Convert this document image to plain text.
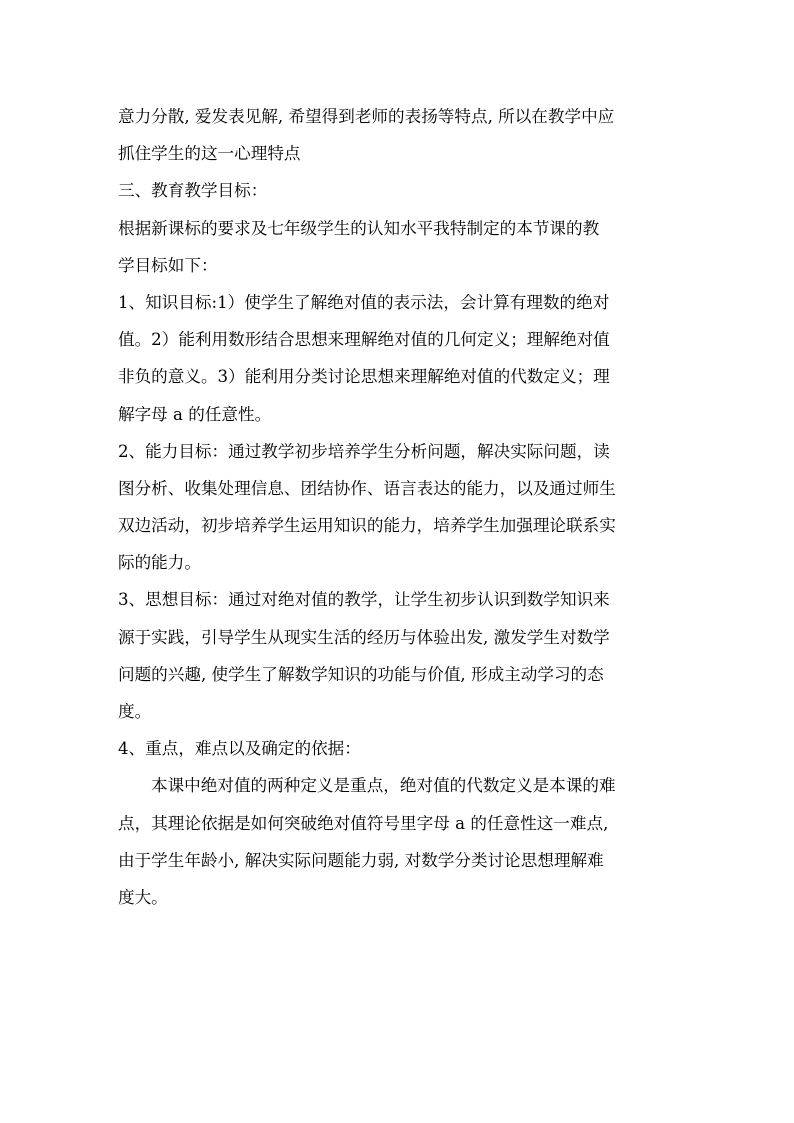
意力分散, 爱发表见解, 希望得到老师的表扬等特点, 所以在教学中应
抓住学生的这一心理特点
三、教育教学目标：
根据新课标的要求及七年级学生的认知水平我特制定的本节课的教
学目标如下：
1、知识目标:1）使学生了解绝对值的表示法，会计算有理数的绝对
值。2）能利用数形结合思想来理解绝对值的几何定义；理解绝对值
非负的意义。3）能利用分类讨论思想来理解绝对值的代数定义；理
解字母 a 的任意性。
2、能力目标：通过教学初步培养学生分析问题，解决实际问题，读
图分析、收集处理信息、团结协作、语言表达的能力，以及通过师生
双边活动，初步培养学生运用知识的能力，培养学生加强理论联系实
际的能力。
3、思想目标：通过对绝对值的教学，让学生初步认识到数学知识来
源于实践，引导学生从现实生活的经历与体验出发, 激发学生对数学
问题的兴趣, 使学生了解数学知识的功能与价值, 形成主动学习的态
度。
4、重点，难点以及确定的依据：
本课中绝对值的两种定义是重点，绝对值的代数定义是本课的难
点，其理论依据是如何突破绝对值符号里字母 a 的任意性这一难点,
由于学生年龄小, 解决实际问题能力弱, 对数学分类讨论思想理解难
度大。
